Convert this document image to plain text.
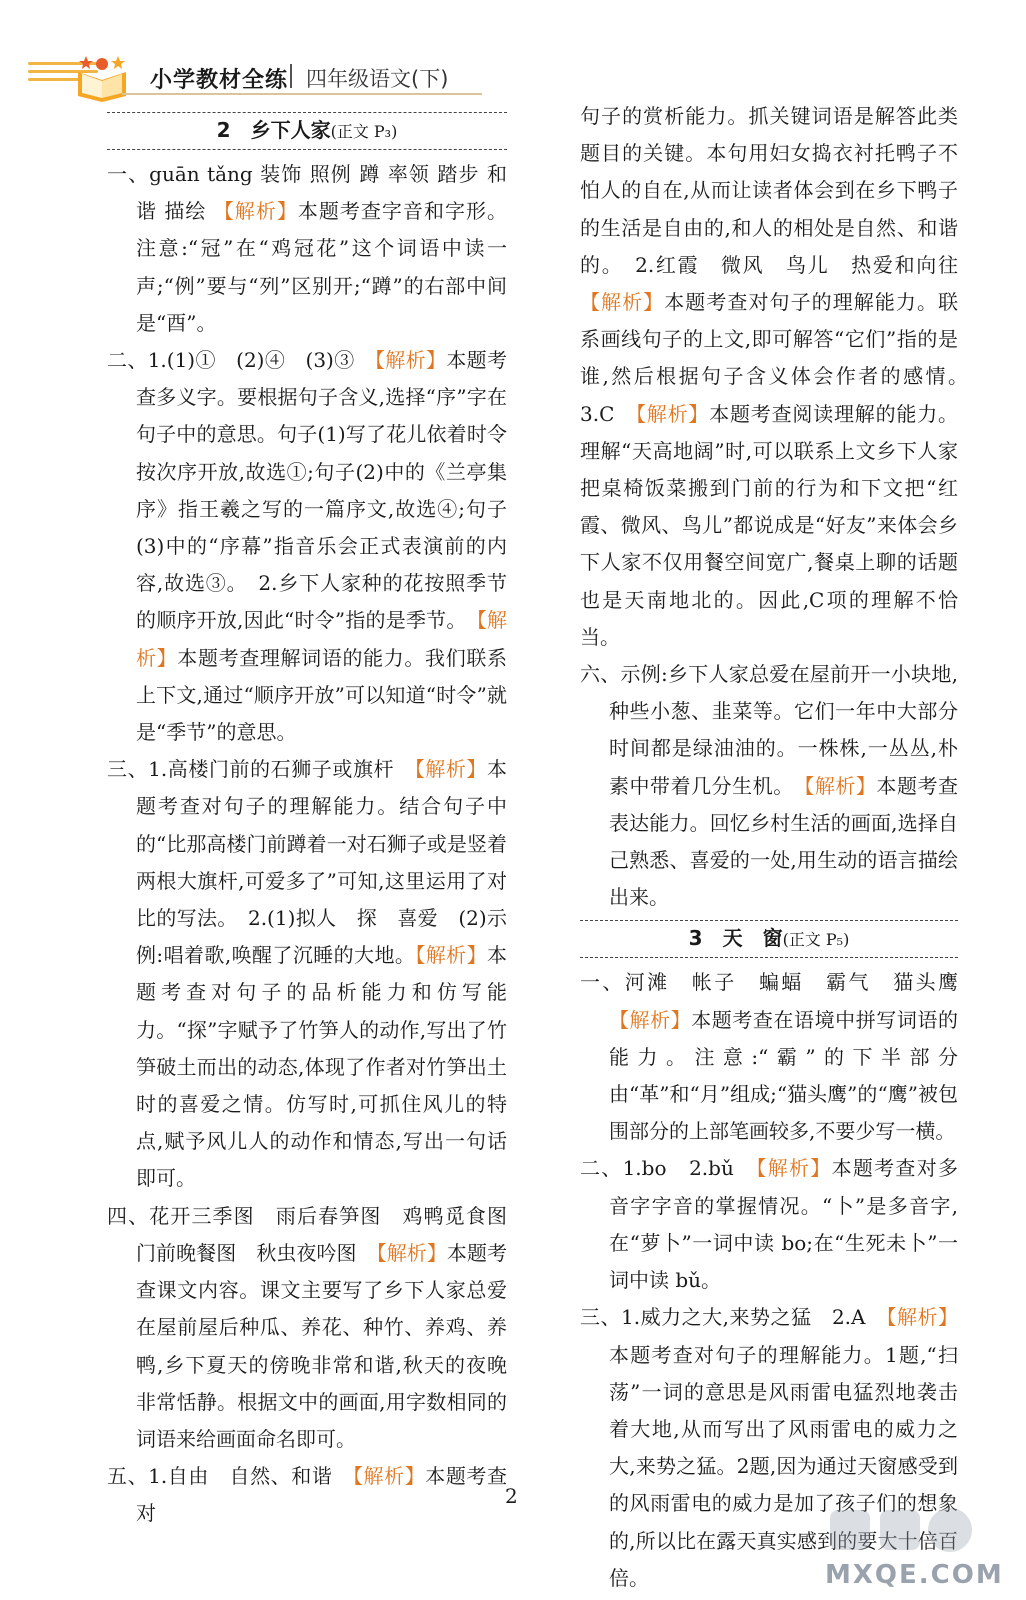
小学教材全练 四年级语文(下)
2　乡下人家(正文 P₃)

一、guān tǎng 装饰 照例 蹲 率领 踏步 和谐 描绘 【解析】本题考查字音和字形。注意:“冠”在“鸡冠花”这个词语中读一声;“例”要与“列”区别开;“蹲”的右部中间是“酉”。

二、1.(1)①　(2)④　(3)③　【解析】本题考查多义字。要根据句子含义,选择“序”字在句子中的意思。句子(1)写了花儿依着时令按次序开放,故选①;句子(2)中的《兰亭集序》指王羲之写的一篇序文,故选④;句子(3)中的“序幕”指音乐会正式表演前的内容,故选③。　2.乡下人家种的花按照季节的顺序开放,因此“时令”指的是季节。　【解析】本题考查理解词语的能力。我们联系上下文,通过“顺序开放”可以知道“时令”就是“季节”的意思。

三、1.高楼门前的石狮子或旗杆　【解析】本题考查对句子的理解能力。结合句子中的“比那高楼门前蹲着一对石狮子或是竖着两根大旗杆,可爱多了”可知,这里运用了对比的写法。　2.(1)拟人　探　喜爱　(2)示例:唱着歌,唤醒了沉睡的大地。【解析】本题考查对句子的品析能力和仿写能力。“探”字赋予了竹笋人的动作,写出了竹笋破土而出的动态,体现了作者对竹笋出土时的喜爱之情。仿写时,可抓住风儿的特点,赋予风儿人的动作和情态,写出一句话即可。

四、花开三季图　雨后春笋图　鸡鸭觅食图　门前晚餐图　秋虫夜吟图　【解析】本题考查课文内容。课文主要写了乡下人家总爱在屋前屋后种瓜、养花、种竹、养鸡、养鸭,乡下夏天的傍晚非常和谐,秋天的夜晚非常恬静。根据文中的画面,用字数相同的词语来给画面命名即可。

五、1.自由　自然、和谐　【解析】本题考查对

句子的赏析能力。抓关键词语是解答此类题目的关键。本句用妇女捣衣衬托鸭子不怕人的自在,从而让读者体会到在乡下鸭子的生活是自由的,和人的相处是自然、和谐的。　2.红霞　微风　鸟儿　热爱和向往　【解析】本题考查对句子的理解能力。联系画线句子的上文,即可解答“它们”指的是谁,然后根据句子含义体会作者的感情。　3.C　【解析】本题考查阅读理解的能力。理解“天高地阔”时,可以联系上文乡下人家把桌椅饭菜搬到门前的行为和下文把“红霞、微风、鸟儿”都说成是“好友”来体会乡下人家不仅用餐空间宽广,餐桌上聊的话题也是天南地北的。因此,C项的理解不恰当。

六、示例:乡下人家总爱在屋前开一小块地,种些小葱、韭菜等。它们一年中大部分时间都是绿油油的。一株株,一丛丛,朴素中带着几分生机。　【解析】本题考查表达能力。回忆乡村生活的画面,选择自己熟悉、喜爱的一处,用生动的语言描绘出来。

3　天　窗(正文 P₅)

一、河滩　帐子　蝙蝠　霸气　猫头鹰　【解析】本题考查在语境中拼写词语的能力。注意:“霸”的下半部分由“革”和“月”组成;“猫头鹰”的“鹰”被包围部分的上部笔画较多,不要少写一横。

二、1.bo　2.bǔ　【解析】本题考查对多音字字音的掌握情况。“卜”是多音字,在“萝卜”一词中读 bo;在“生死未卜”一词中读 bǔ。

三、1.威力之大,来势之猛　2.A　【解析】本题考查对句子的理解能力。1题,“扫荡”一词的意思是风雨雷电猛烈地袭击着大地,从而写出了风雨雷电的威力之大,来势之猛。2题,因为通过天窗感受到的风雨雷电的威力是加了孩子们的想象的,所以比在露天真实感到的要大十倍百倍。

2
MXQE.COM
